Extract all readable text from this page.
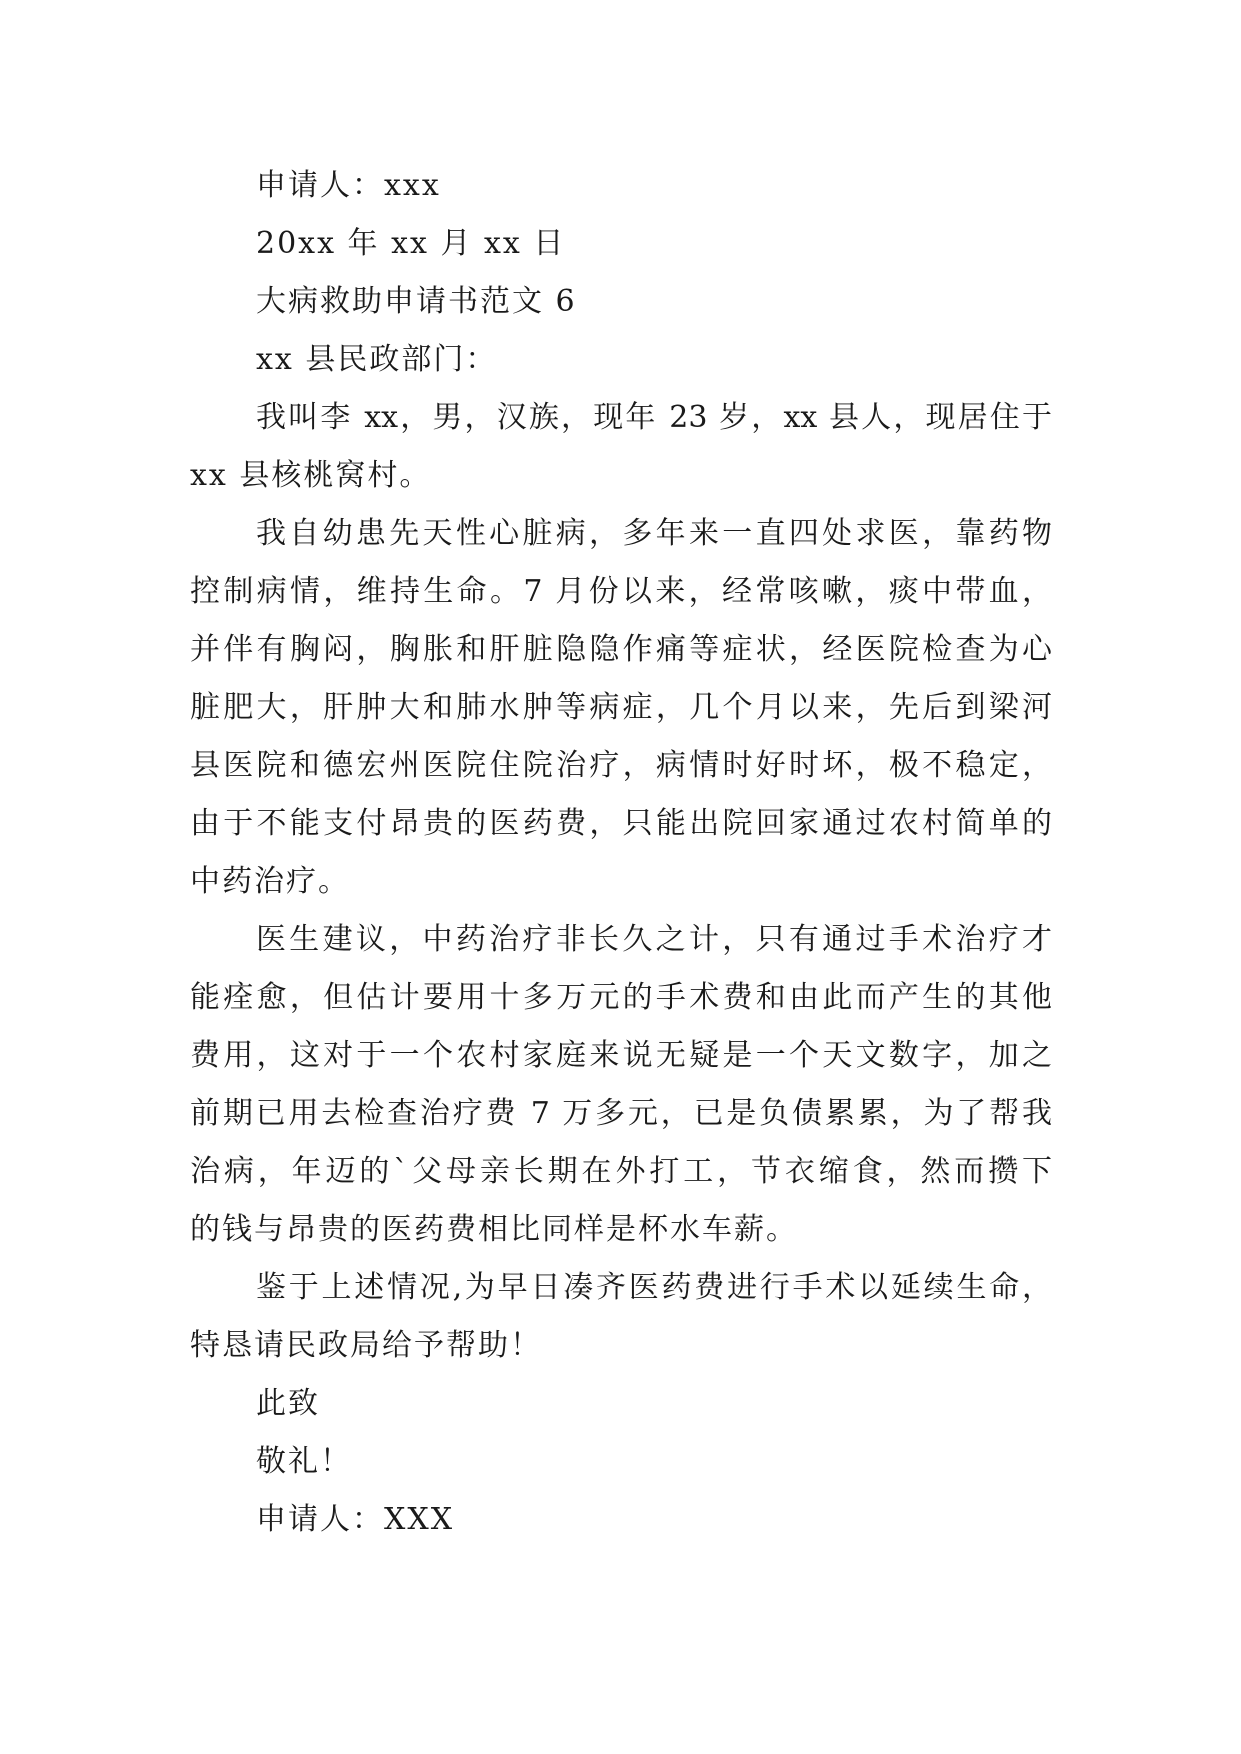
申请人：xxx
20xx 年 xx 月 xx 日
大病救助申请书范文 6
xx 县民政部门：
我叫李 xx，男，汉族，现年 23 岁，xx 县人，现居住于
xx 县核桃窝村。
我自幼患先天性心脏病，多年来一直四处求医，靠药物
控制病情，维持生命。7 月份以来，经常咳嗽，痰中带血，
并伴有胸闷，胸胀和肝脏隐隐作痛等症状，经医院检查为心
脏肥大，肝肿大和肺水肿等病症，几个月以来，先后到梁河
县医院和德宏州医院住院治疗，病情时好时坏，极不稳定，
由于不能支付昂贵的医药费，只能出院回家通过农村简单的
中药治疗。
医生建议，中药治疗非长久之计，只有通过手术治疗才
能痊愈，但估计要用十多万元的手术费和由此而产生的其他
费用，这对于一个农村家庭来说无疑是一个天文数字，加之
前期已用去检查治疗费 7 万多元，已是负债累累，为了帮我
治病，年迈的`父母亲长期在外打工，节衣缩食，然而攒下
的钱与昂贵的医药费相比同样是杯水车薪。
鉴于上述情况,为早日凑齐医药费进行手术以延续生命，
特恳请民政局给予帮助！
此致
敬礼！
申请人：XXX
